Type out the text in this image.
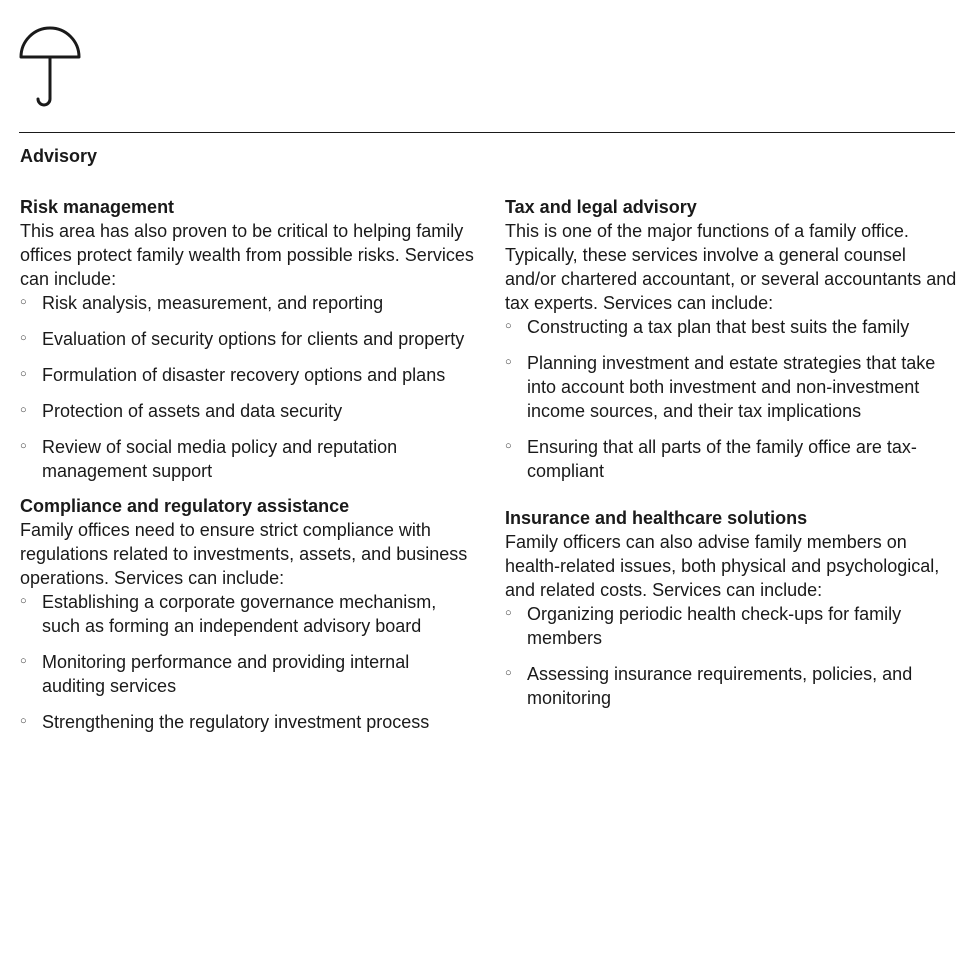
Advisory
Risk management

This area has also proven to be critical to helping family offices protect family wealth from possible risks. Services can include:

○ Risk analysis, measurement, and reporting
○ Evaluation of security options for clients and property
○ Formulation of disaster recovery options and plans
○ Protection of assets and data security
○ Review of social media policy and reputation management support
Compliance and regulatory assistance

Family offices need to ensure strict compliance with regulations related to investments, assets, and business operations. Services can include:

○ Establishing a corporate governance mechanism, such as forming an independent advisory board
○ Monitoring performance and providing internal auditing services
○ Strengthening the regulatory investment process
Tax and legal advisory

This is one of the major functions of a family office. Typically, these services involve a general counsel and/or chartered accountant, or several accountants and tax experts. Services can include:

○ Constructing a tax plan that best suits the family
○ Planning investment and estate strategies that take into account both investment and non-investment income sources, and their tax implications
○ Ensuring that all parts of the family office are tax-compliant
Insurance and healthcare solutions

Family officers can also advise family members on health-related issues, both physical and psychological, and related costs. Services can include:

○ Organizing periodic health check-ups for family members
○ Assessing insurance requirements, policies, and monitoring
